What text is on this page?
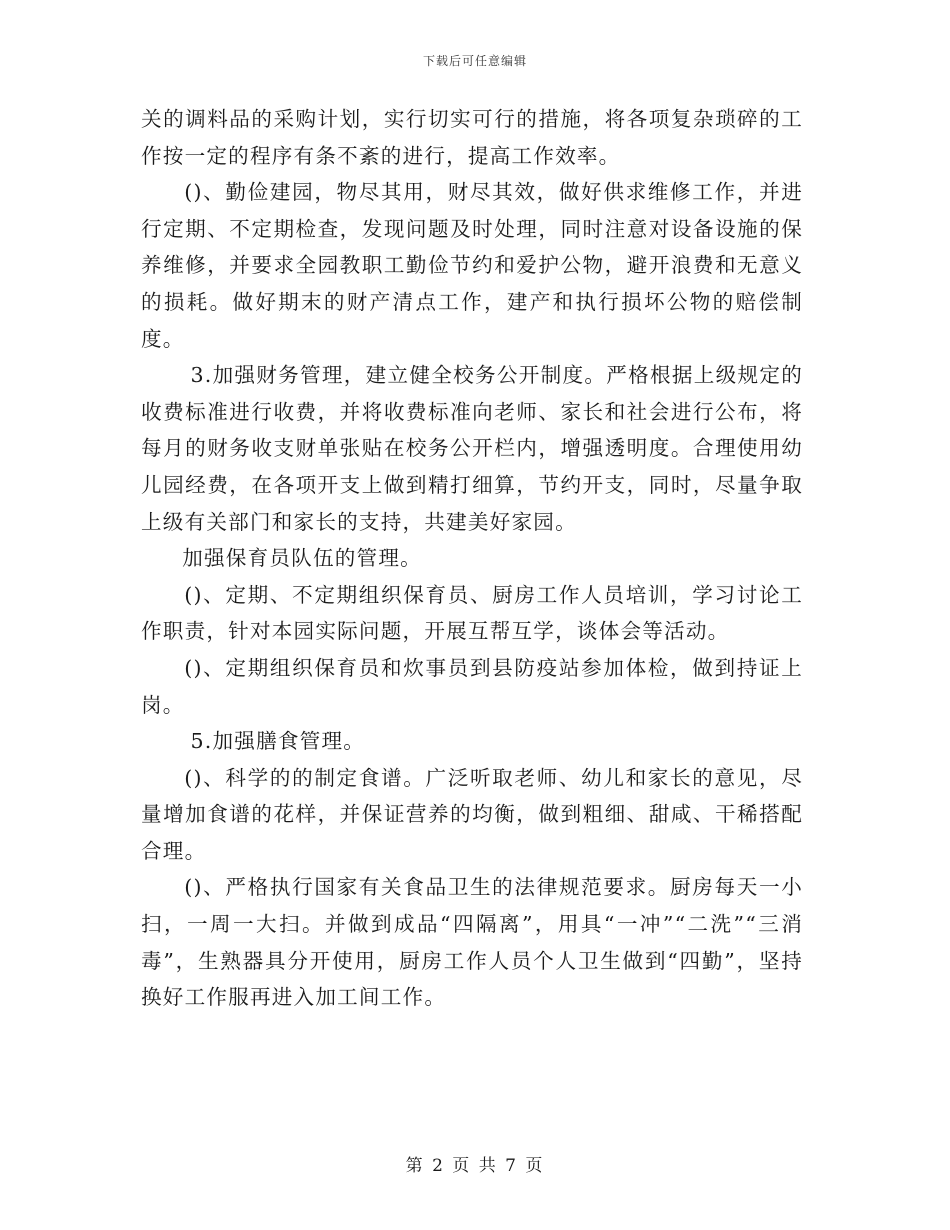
下载后可任意编辑

关的调料品的采购计划，实行切实可行的措施，将各项复杂琐碎的工作按一定的程序有条不紊的进行，提高工作效率。

()、勤俭建园，物尽其用，财尽其效，做好供求维修工作，并进行定期、不定期检查，发现问题及时处理，同时注意对设备设施的保养维修，并要求全园教职工勤俭节约和爱护公物，避开浪费和无意义的损耗。做好期末的财产清点工作，建产和执行损坏公物的赔偿制度。

3.加强财务管理，建立健全校务公开制度。严格根据上级规定的收费标准进行收费，并将收费标准向老师、家长和社会进行公布，将每月的财务收支财单张贴在校务公开栏内，增强透明度。合理使用幼儿园经费，在各项开支上做到精打细算，节约开支，同时，尽量争取上级有关部门和家长的支持，共建美好家园。

加强保育员队伍的管理。

()、定期、不定期组织保育员、厨房工作人员培训，学习讨论工作职责，针对本园实际问题，开展互帮互学，谈体会等活动。

()、定期组织保育员和炊事员到县防疫站参加体检，做到持证上岗。

5.加强膳食管理。

()、科学的的制定食谱。广泛听取老师、幼儿和家长的意见，尽量增加食谱的花样，并保证营养的均衡，做到粗细、甜咸、干稀搭配合理。

()、严格执行国家有关食品卫生的法律规范要求。厨房每天一小扫，一周一大扫。并做到成品“四隔离”，用具“一冲”“二洗”“三消毒”，生熟器具分开使用，厨房工作人员个人卫生做到“四勤”，坚持换好工作服再进入加工间工作。

第 2 页 共 7 页
